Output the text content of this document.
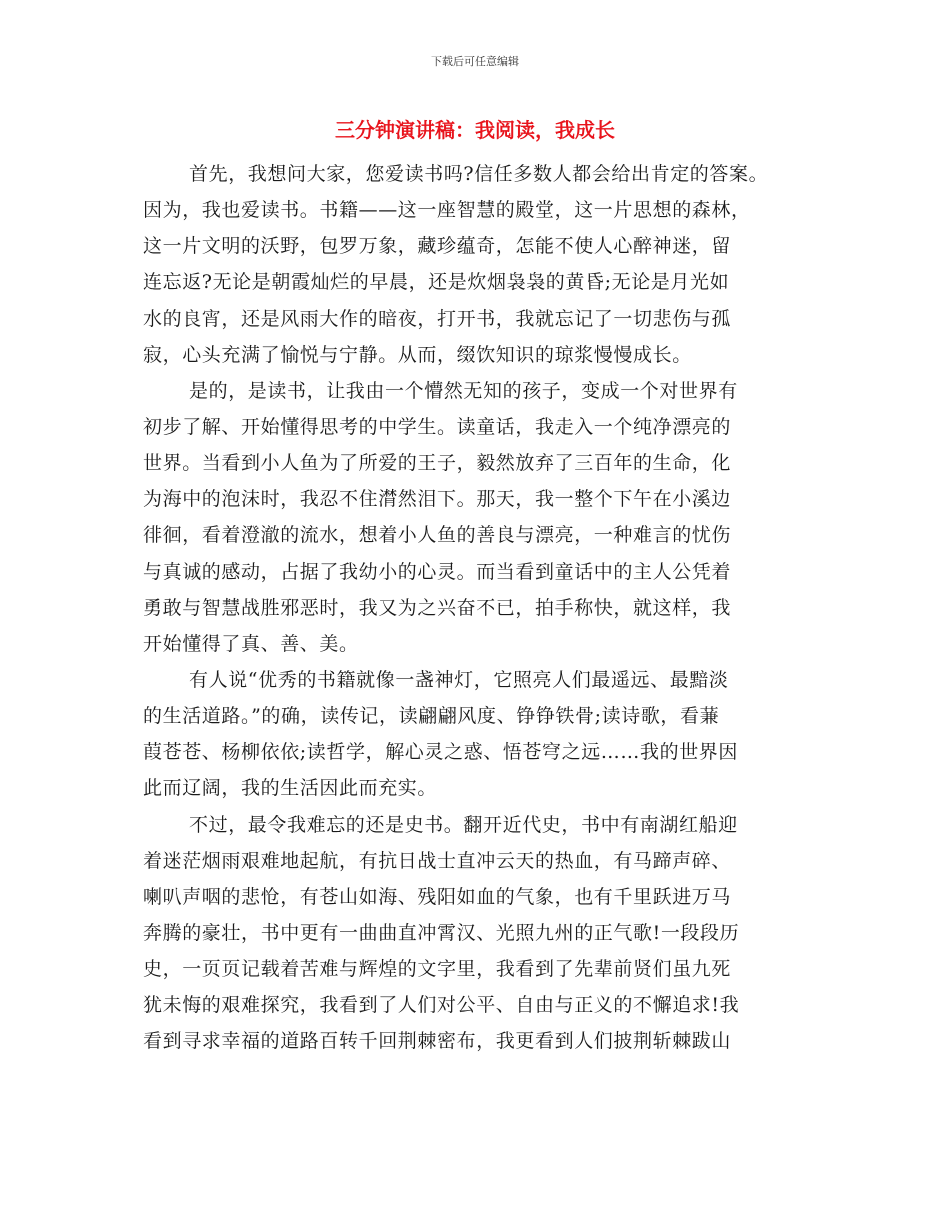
下载后可任意编辑
三分钟演讲稿：我阅读，我成长
首先，我想问大家，您爱读书吗?信任多数人都会给出肯定的答案。
因为，我也爱读书。书籍——这一座智慧的殿堂，这一片思想的森林，
这一片文明的沃野，包罗万象，藏珍蕴奇，怎能不使人心醉神迷，留
连忘返?无论是朝霞灿烂的早晨，还是炊烟袅袅的黄昏;无论是月光如
水的良宵，还是风雨大作的暗夜，打开书，我就忘记了一切悲伤与孤
寂，心头充满了愉悦与宁静。从而，缀饮知识的琼浆慢慢成长。
是的，是读书，让我由一个懵然无知的孩子，变成一个对世界有
初步了解、开始懂得思考的中学生。读童话，我走入一个纯净漂亮的
世界。当看到小人鱼为了所爱的王子，毅然放弃了三百年的生命，化
为海中的泡沫时，我忍不住潸然泪下。那天，我一整个下午在小溪边
徘徊，看着澄澈的流水，想着小人鱼的善良与漂亮，一种难言的忧伤
与真诚的感动，占据了我幼小的心灵。而当看到童话中的主人公凭着
勇敢与智慧战胜邪恶时，我又为之兴奋不已，拍手称快，就这样，我
开始懂得了真、善、美。
有人说“优秀的书籍就像一盏神灯，它照亮人们最遥远、最黯淡
的生活道路。”的确，读传记，读翩翩风度、铮铮铁骨;读诗歌，看蒹
葭苍苍、杨柳依依;读哲学，解心灵之惑、悟苍穹之远……我的世界因
此而辽阔，我的生活因此而充实。
不过，最令我难忘的还是史书。翻开近代史，书中有南湖红船迎
着迷茫烟雨艰难地起航，有抗日战士直冲云天的热血，有马蹄声碎、
喇叭声咽的悲怆，有苍山如海、残阳如血的气象，也有千里跃进万马
奔腾的豪壮，书中更有一曲曲直冲霄汉、光照九州的正气歌!一段段历
史，一页页记载着苦难与辉煌的文字里，我看到了先辈前贤们虽九死
犹未悔的艰难探究，我看到了人们对公平、自由与正义的不懈追求!我
看到寻求幸福的道路百转千回荆棘密布，我更看到人们披荆斩棘跋山
